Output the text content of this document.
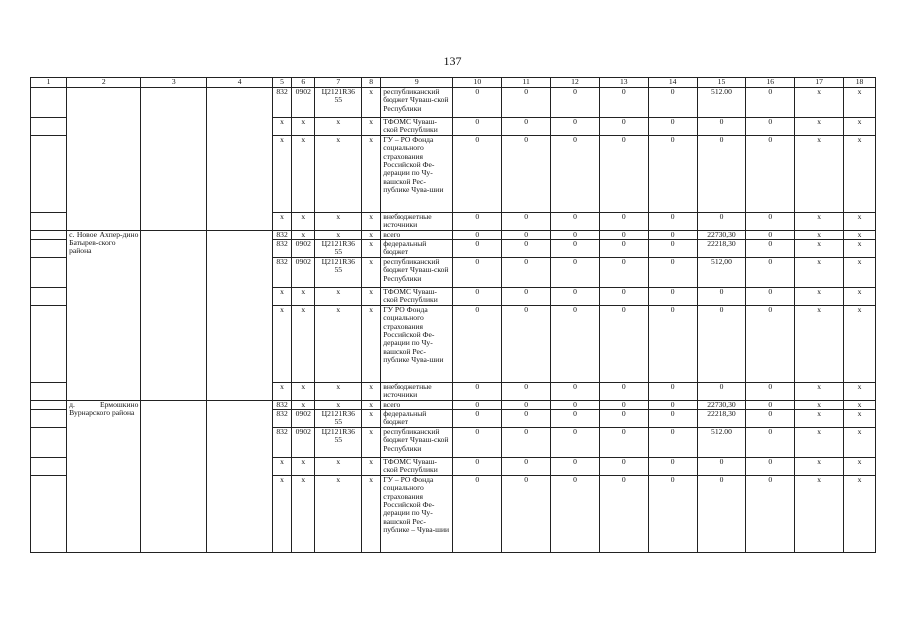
137
1	2	3	4	5	6	7	8	9	10	11	12	13	14	15	16	17	18
				832	0902	Ц2121R36 55	x	республиканский бюджет Чуваш-ской Республики	0	0	0	0	0	512.00	0	x	x
				x	x	x	x	ТФОМС Чуваш-ской Республики	0	0	0	0	0	0	0	x	x
				x	x	x	x	ГУ – РО Фонда социального страхования Российской Фе-дерации по Чу-вашской Рес-публике Чува-шии	0	0	0	0	0	0	0	x	x
				x	x	x	x	внебюджетные источники	0	0	0	0	0	0	0	x	x
	с. Новое Ахпер-дино Батырев-ского района			832	x	x	x	всего	0	0	0	0	0	22730,30	0	x	x
				832	0902	Ц2121R36 55	x	федеральный бюджет	0	0	0	0	0	22218,30	0	x	x
				832	0902	Ц2121R36 55	x	республиканский бюджет Чуваш-ской Республики	0	0	0	0	0	512,00	0	x	x
				x	x	x	x	ТФОМС Чуваш-ской Республики	0	0	0	0	0	0	0	x	x
				x	x	x	x	ГУ РО Фонда социального страхования Российской Фе-дерации по Чу-вашской Рес-публике Чува-шии	0	0	0	0	0	0	0	x	x
				x	x	x	x	внебюджетные источники	0	0	0	0	0	0	0	x	x
	д. Ермошкино Вурнарского района			832	x	x	x	всего	0	0	0	0	0	22730,30	0	x	x
				832	0902	Ц2121R36 55	x	федеральный бюджет	0	0	0	0	0	22218,30	0	x	x
				832	0902	Ц2121R36 55	x	республиканский бюджет Чуваш-ской Республики	0	0	0	0	0	512.00	0	x	x
				x	x	x	x	ТФОМС Чуваш-ской Республики	0	0	0	0	0	0	0	x	x
				x	x	x	x	ГУ – РО Фонда социального страхования Российской Фе-дерации по Чу-вашской Рес-публике – Чува-шии	0	0	0	0	0	0	0	x	x
